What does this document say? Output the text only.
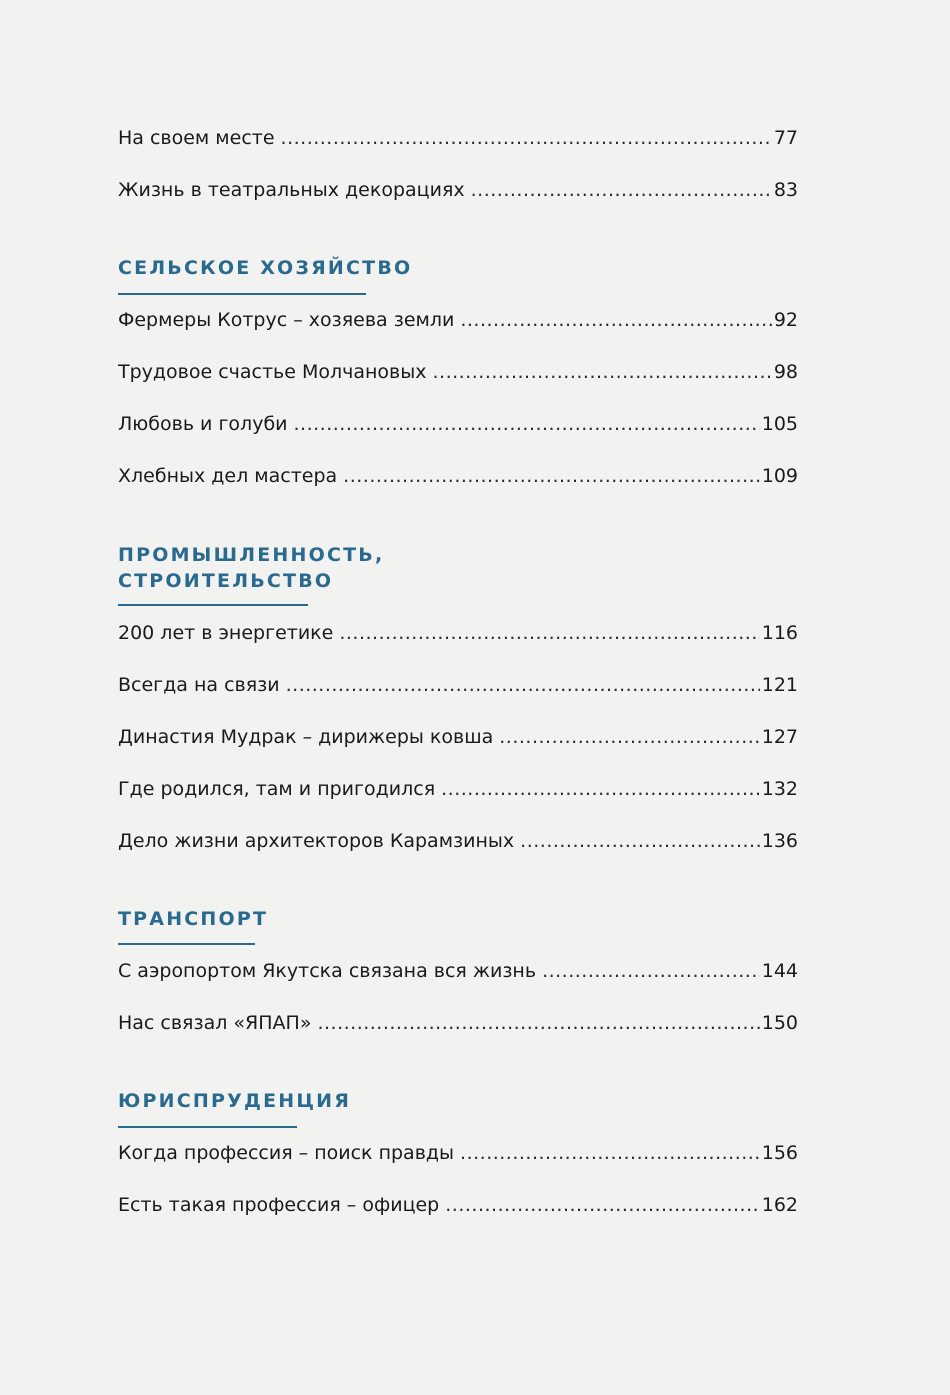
На своем месте .....	77
Жизнь в театральных декорациях .....	83
СЕЛЬСКОЕ ХОЗЯЙСТВО
Фермеры Котрус – хозяева земли .....	92
Трудовое счастье Молчановых .....	98
Любовь и голуби .....	105
Хлебных дел мастера .....	109
ПРОМЫШЛЕННОСТЬ,
СТРОИТЕЛЬСТВО
200 лет в энергетике .....	116
Всегда на связи .....	121
Династия Мудрак – дирижеры ковша .....	127
Где родился, там и пригодился .....	132
Дело жизни архитекторов Карамзиных .....	136
ТРАНСПОРТ
С аэропортом Якутска связана вся жизнь .....	144
Нас связал «ЯПАП» .....	150
ЮРИСПРУДЕНЦИЯ
Когда профессия – поиск правды .....	156
Есть такая профессия – офицер .....	162
